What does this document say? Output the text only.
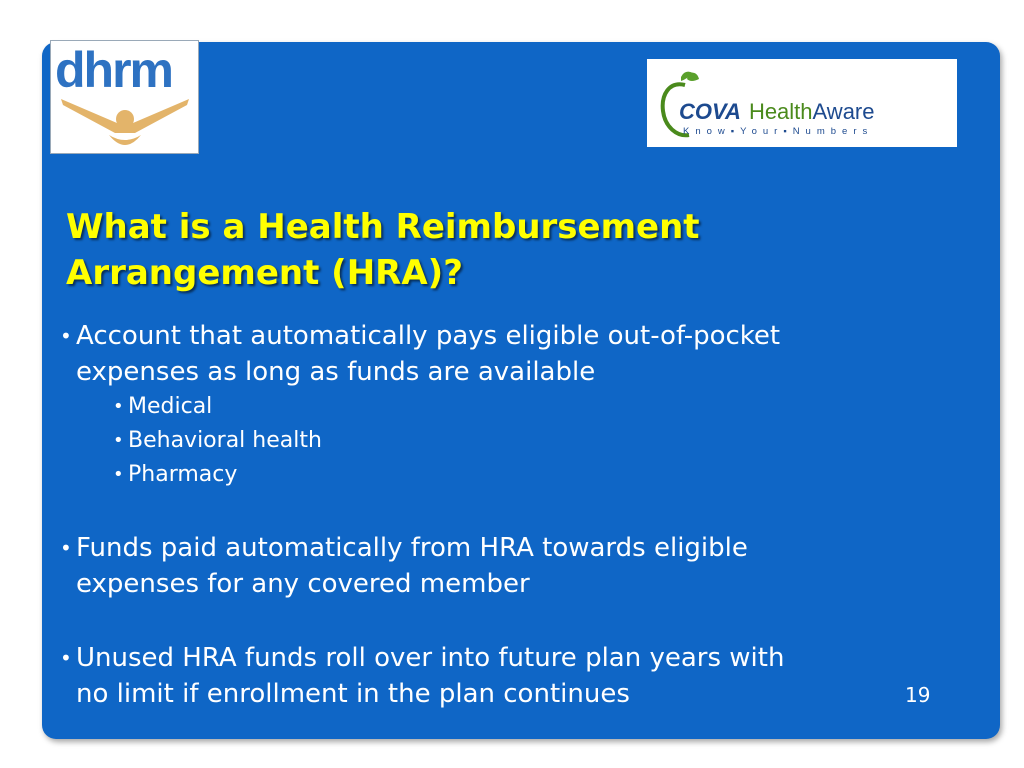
dhrm
COVA HealthAware
Know▪Your▪Numbers
What is a Health Reimbursement
Arrangement (HRA)?
• Account that automatically pays eligible out-of-pocket
expenses as long as funds are available
• Medical
• Behavioral health
• Pharmacy
• Funds paid automatically from HRA towards eligible
expenses for any covered member
• Unused HRA funds roll over into future plan years with
no limit if enrollment in the plan continues	19
